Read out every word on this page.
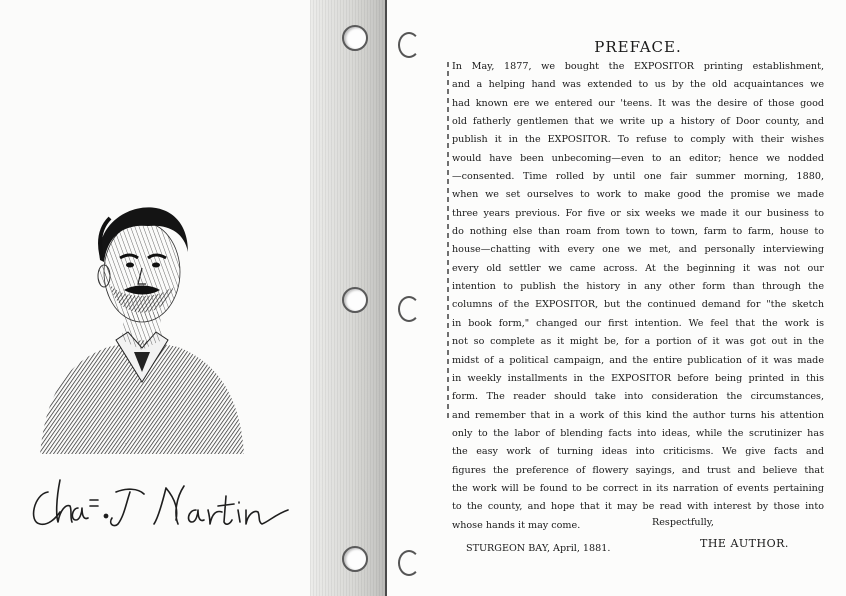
PREFACE.
In May, 1877, we bought the EXPOSITOR printing establishment,
and a helping hand was extended to us by the old acquaintances we
had known ere we entered our 'teens. It was the desire of those good
old fatherly gentlemen that we write up a history of Door county, and
publish it in the EXPOSITOR. To refuse to comply with their wishes
would have been unbecoming—even to an editor; hence we nodded
—consented. Time rolled by until one fair summer morning, 1880,
when we set ourselves to work to make good the promise we made
three years previous. For five or six weeks we made it our business to
do nothing else than roam from town to town, farm to farm, house to
house—chatting with every one we met, and personally interviewing
every old settler we came across. At the beginning it was not our
intention to publish the history in any other form than through the
columns of the EXPOSITOR, but the continued demand for "the sketch
in book form," changed our first intention. We feel that the work is
not so complete as it might be, for a portion of it was got out in the
midst of a political campaign, and the entire publication of it was made
in weekly installments in the EXPOSITOR before being printed in this
form. The reader should take into consideration the circumstances,
and remember that in a work of this kind the author turns his attention
only to the labor of blending facts into ideas, while the scrutinizer has
the easy work of turning ideas into criticisms. We give facts and
figures the preference of flowery sayings, and trust and believe that
the work will be found to be correct in its narration of events pertaining
to the county, and hope that it may be read with interest by those into
whose hands it may come.	Respectfully,
THE AUTHOR.
STURGEON BAY, April, 1881.
